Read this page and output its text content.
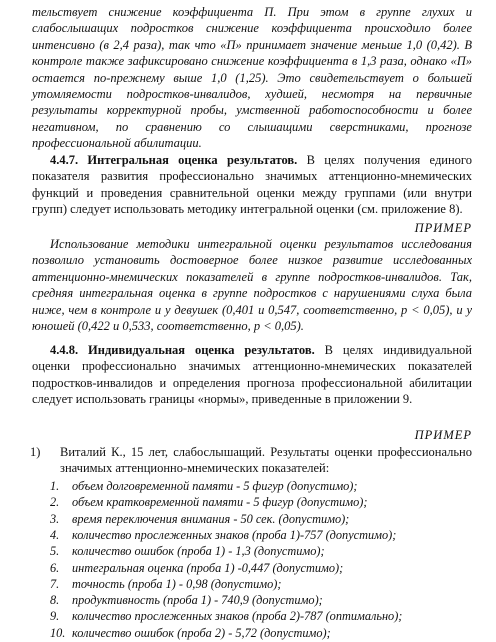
тельствует снижение коэффициента П. При этом в группе глухих и слабослышащих подростков снижение коэффициента происходило более интенсивно (в 2,4 раза), так что «П» принимает значение меньше 1,0 (0,42). В контроле также зафиксировано снижение коэффициента в 1,3 раза, однако «П» остается по-прежнему выше 1,0 (1,25). Это свидетельствует о большей утомляемости подростков-инвалидов, худшей, несмотря на первичные результаты корректурной пробы, умственной работоспособности и более негативном, по сравнению со слышащими сверстниками, прогнозе профессиональной абилитации.

4.4.7. Интегральная оценка результатов. В целях получения единого показателя развития профессионально значимых аттенционно-мнемических функций и проведения сравнительной оценки между группами (или внутри групп) следует использовать методику интегральной оценки (см. приложение 8).

ПРИМЕР

Использование методики интегральной оценки результатов исследования позволило установить достоверное более низкое развитие исследованных аттенционно-мнемических показателей в группе подростков-инвалидов. Так, средняя интегральная оценка в группе подростков с нарушениями слуха была ниже, чем в контроле и у девушек (0,401 и 0,547, соответственно, р < 0,05), и у юношей (0,422 и 0,533, соответственно, р < 0,05).

4.4.8. Индивидуальная оценка результатов. В целях индивидуальной оценки профессионально значимых аттенционно-мнемических показателей подростков-инвалидов и определения прогноза профессиональной абилитации следует использовать границы «нормы», приведенные в приложении 9.

ПРИМЕР
1) Виталий К., 15 лет, слабослышащий. Результаты оценки профессионально значимых аттенционно-мнемических показателей:

1. объем долговременной памяти - 5 фигур (допустимо);
2. объем кратковременной памяти - 5 фигур (допустимо);
3. время переключения внимания - 50 сек. (допустимо);
4. количество прослеженных знаков (проба 1)-757 (допустимо);
5. количество ошибок (проба 1) - 1,3 (допустимо);
6. интегральная оценка (проба 1) -0,447 (допустимо);
7. точность (проба 1) - 0,98 (допустимо);
8. продуктивность (проба 1) - 740,9 (допустимо);
9. количество прослеженных знаков (проба 2)-787 (оптимально);
10. количество ошибок (проба 2) - 5,72 (допустимо);
